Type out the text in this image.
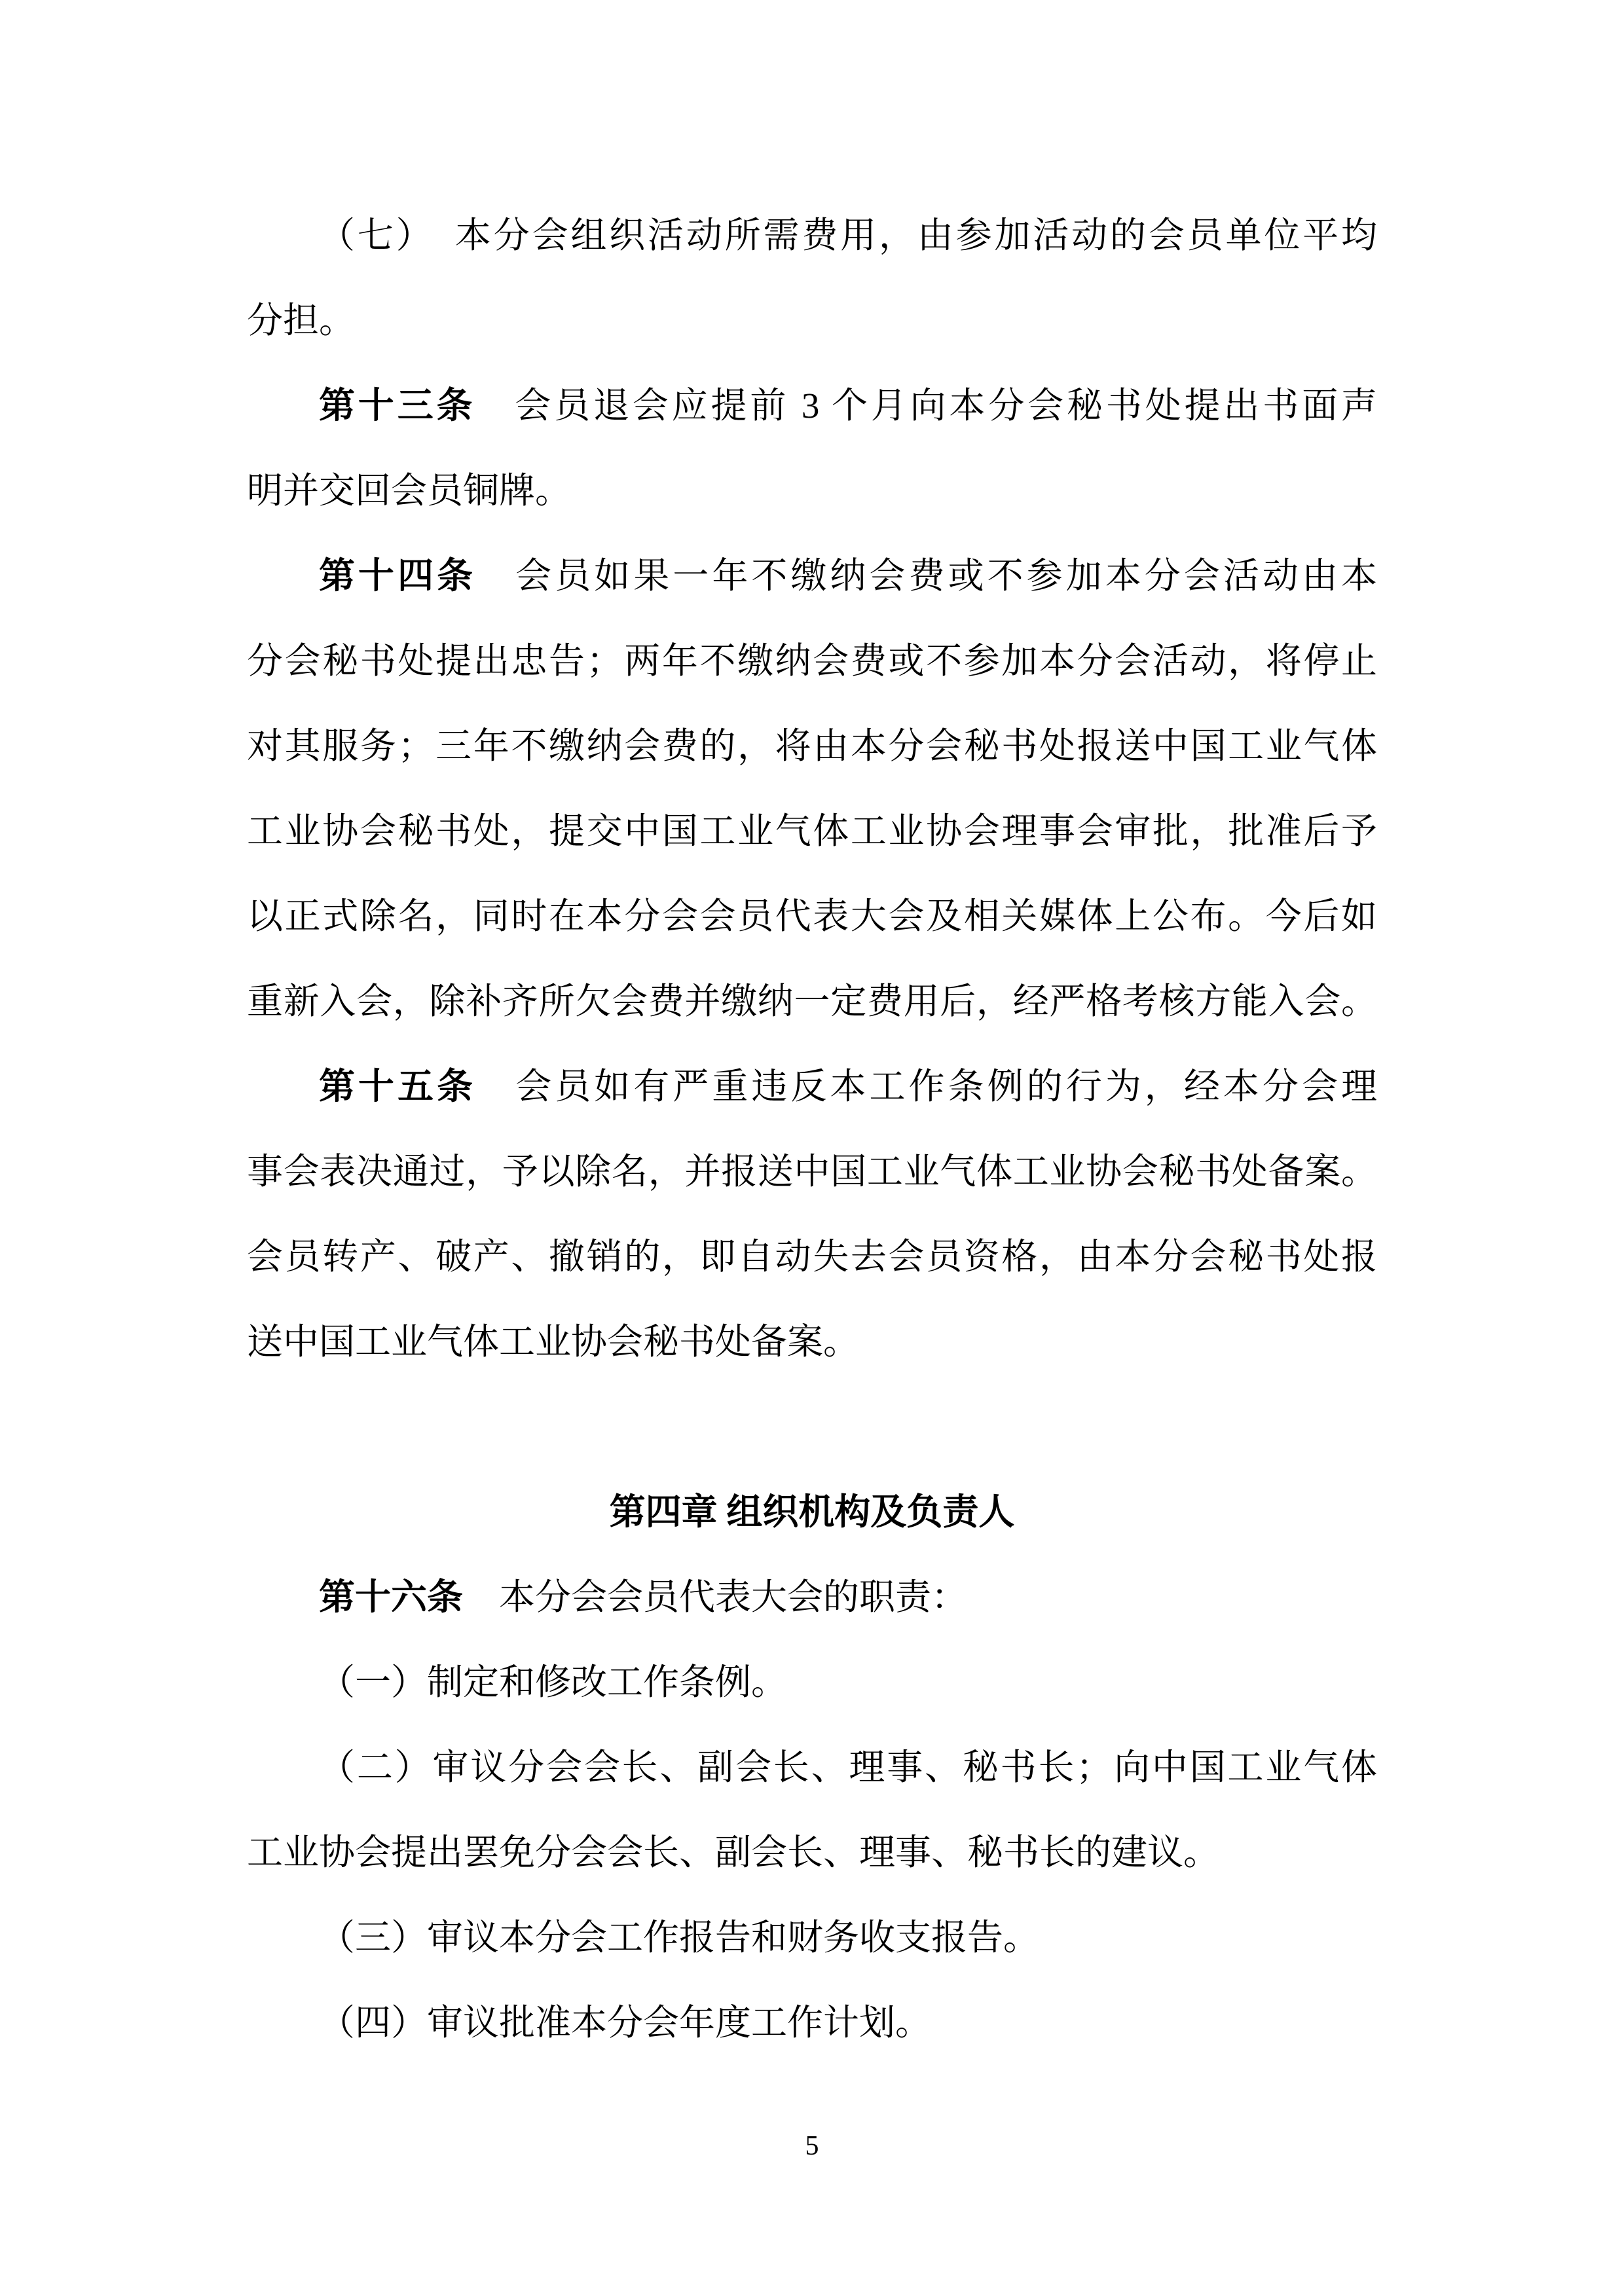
（七）　本分会组织活动所需费用，由参加活动的会员单位平均
分担。
第十三条　会员退会应提前 3 个月向本分会秘书处提出书面声
明并交回会员铜牌。
第十四条　会员如果一年不缴纳会费或不参加本分会活动由本
分会秘书处提出忠告；两年不缴纳会费或不参加本分会活动，将停止
对其服务；三年不缴纳会费的，将由本分会秘书处报送中国工业气体
工业协会秘书处，提交中国工业气体工业协会理事会审批，批准后予
以正式除名，同时在本分会会员代表大会及相关媒体上公布。今后如
重新入会，除补齐所欠会费并缴纳一定费用后，经严格考核方能入会。
第十五条　会员如有严重违反本工作条例的行为，经本分会理
事会表决通过，予以除名，并报送中国工业气体工业协会秘书处备案。
会员转产、破产、撤销的，即自动失去会员资格，由本分会秘书处报
送中国工业气体工业协会秘书处备案。
第四章 组织机构及负责人
第十六条　本分会会员代表大会的职责：
（一）制定和修改工作条例。
（二）审议分会会长、副会长、理事、秘书长；向中国工业气体
工业协会提出罢免分会会长、副会长、理事、秘书长的建议。
（三）审议本分会工作报告和财务收支报告。
（四）审议批准本分会年度工作计划。
5
